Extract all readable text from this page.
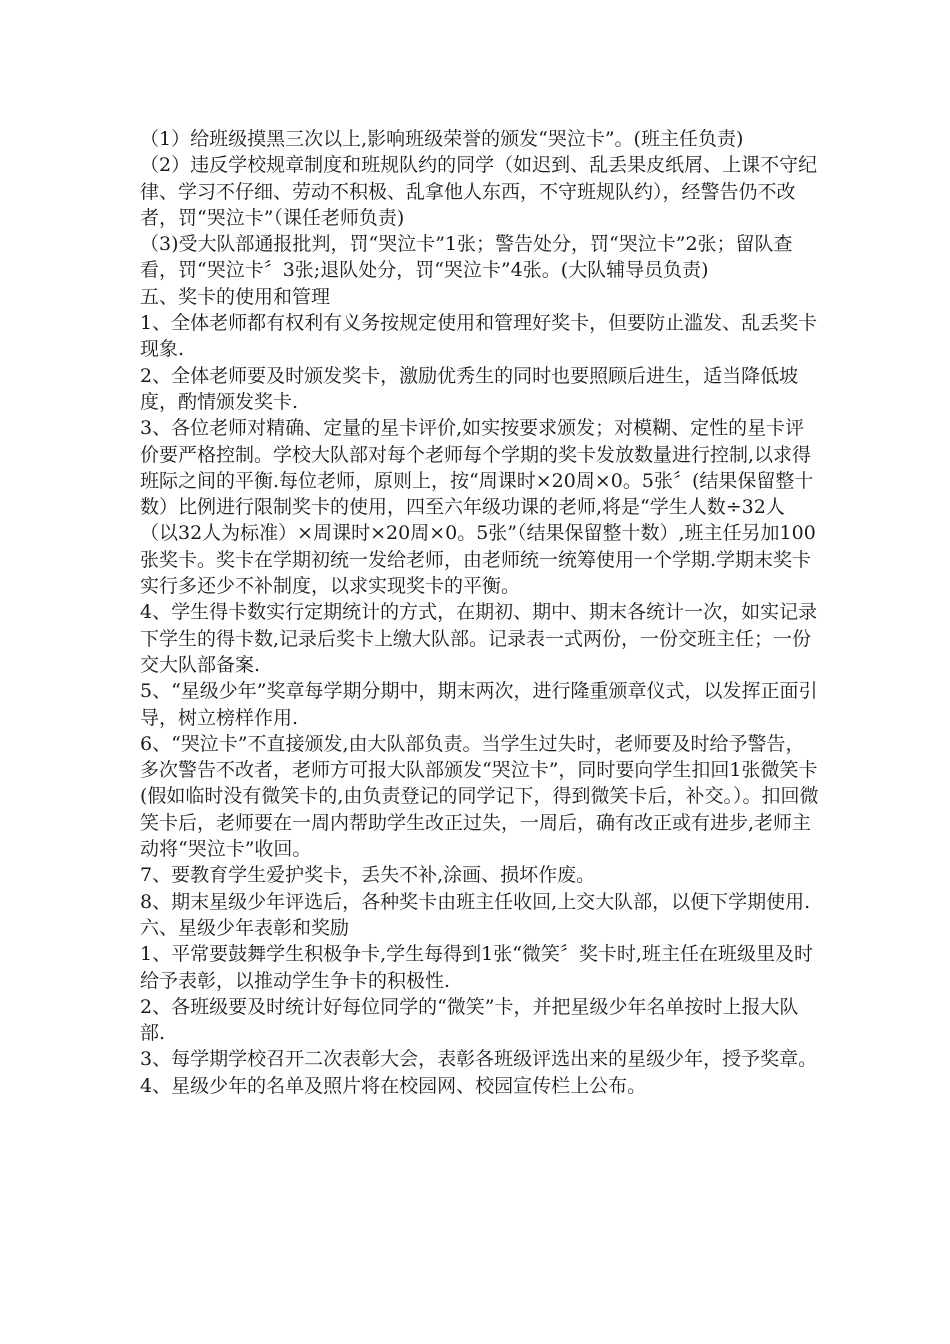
（1）给班级摸黑三次以上,影响班级荣誉的颁发“哭泣卡”。(班主任负责)

（2）违反学校规章制度和班规队约的同学（如迟到、乱丢果皮纸屑、上课不守纪律、学习不仔细、劳动不积极、乱拿他人东西，不守班规队约），经警告仍不改者，罚“哭泣卡”（课任老师负责)

（3)受大队部通报批判，罚“哭泣卡”1张；警告处分，罚“哭泣卡”2张；留队查看，罚“哭泣卡〞3张;退队处分，罚“哭泣卡”4张。(大队辅导员负责)

五、奖卡的使用和管理

1、全体老师都有权利有义务按规定使用和管理好奖卡，但要防止滥发、乱丢奖卡现象.

2、全体老师要及时颁发奖卡，激励优秀生的同时也要照顾后进生，适当降低坡度，酌情颁发奖卡.

3、各位老师对精确、定量的星卡评价,如实按要求颁发；对模糊、定性的星卡评价要严格控制。学校大队部对每个老师每个学期的奖卡发放数量进行控制,以求得班际之间的平衡.每位老师，原则上，按“周课时×20周×0。5张〞(结果保留整十数）比例进行限制奖卡的使用，四至六年级功课的老师,将是“学生人数÷32人（以32人为标准）×周课时×20周×0。5张”（结果保留整十数）,班主任另加100张奖卡。奖卡在学期初统一发给老师，由老师统一统筹使用一个学期.学期末奖卡实行多还少不补制度，以求实现奖卡的平衡。

4、学生得卡数实行定期统计的方式，在期初、期中、期末各统计一次，如实记录下学生的得卡数,记录后奖卡上缴大队部。记录表一式两份，一份交班主任；一份交大队部备案.

5、“星级少年”奖章每学期分期中，期末两次，进行隆重颁章仪式，以发挥正面引导，树立榜样作用.

6、“哭泣卡”不直接颁发,由大队部负责。当学生过失时，老师要及时给予警告，多次警告不改者，老师方可报大队部颁发“哭泣卡”，同时要向学生扣回1张微笑卡(假如临时没有微笑卡的,由负责登记的同学记下，得到微笑卡后，补交。）。扣回微笑卡后，老师要在一周内帮助学生改正过失，一周后，确有改正或有进步,老师主动将“哭泣卡”收回。

7、要教育学生爱护奖卡，丢失不补,涂画、损坏作废。

8、期末星级少年评选后，各种奖卡由班主任收回,上交大队部，以便下学期使用.

六、星级少年表彰和奖励

1、平常要鼓舞学生积极争卡,学生每得到1张“微笑〞奖卡时,班主任在班级里及时给予表彰，以推动学生争卡的积极性.

2、各班级要及时统计好每位同学的“微笑”卡，并把星级少年名单按时上报大队部.

3、每学期学校召开二次表彰大会，表彰各班级评选出来的星级少年，授予奖章。

4、星级少年的名单及照片将在校园网、校园宣传栏上公布。
